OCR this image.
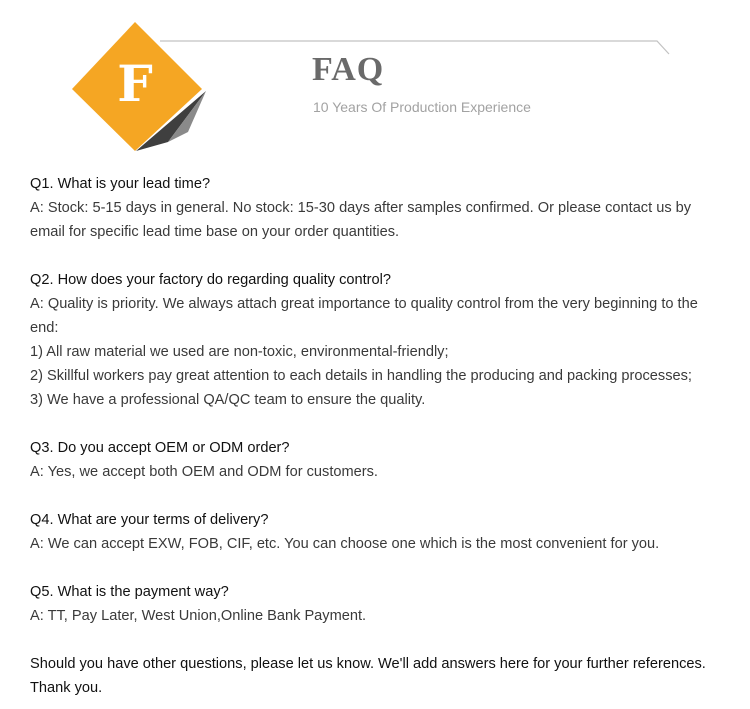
F	FAQ
10 Years Of Production Experience
Q1. What is your lead time?
A: Stock: 5-15 days in general. No stock: 15-30 days after samples confirmed. Or please contact us by email for specific lead time base on your order quantities.
Q2. How does your factory do regarding quality control?
A: Quality is priority. We always attach great importance to quality control from the very beginning to the end:
1) All raw material we used are non-toxic, environmental-friendly;
2) Skillful workers pay great attention to each details in handling the producing and packing processes;
3) We have a professional QA/QC team to ensure the quality.
Q3. Do you accept OEM or ODM order?
A: Yes, we accept both OEM and ODM for customers.
Q4. What are your terms of delivery?
A: We can accept EXW, FOB, CIF, etc. You can choose one which is the most convenient for you.
Q5. What is the payment way?
A: TT, Pay Later, West Union,Online Bank Payment.
Should you have other questions, please let us know. We'll add answers here for your further references. Thank you.
